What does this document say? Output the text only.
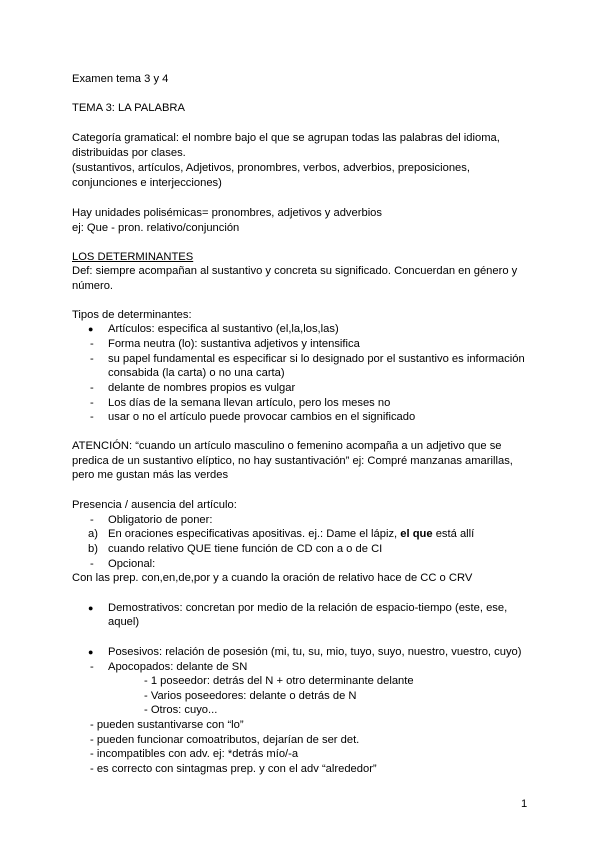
Examen tema 3 y 4
TEMA 3: LA PALABRA
Categoría gramatical: el nombre bajo el que se agrupan todas las palabras del idioma,
distribuidas por clases.
(sustantivos, artículos, Adjetivos, pronombres, verbos, adverbios, preposiciones,
conjunciones e interjecciones)
Hay unidades polisémicas= pronombres, adjetivos y adverbios
ej: Que - pron. relativo/conjunción
LOS DETERMINANTES
Def: siempre acompañan al sustantivo y concreta su significado. Concuerdan en género y
número.
Tipos de determinantes:
● Artículos: especifica al sustantivo (el,la,los,las)
- Forma neutra (lo): sustantiva adjetivos y intensifica
- su papel fundamental es especificar si lo designado por el sustantivo es información
consabida (la carta) o no una carta)
- delante de nombres propios es vulgar
- Los días de la semana llevan artículo, pero los meses no
- usar o no el artículo puede provocar cambios en el significado
ATENCIÓN: “cuando un artículo masculino o femenino acompaña a un adjetivo que se
predica de un sustantivo elíptico, no hay sustantivación” ej: Compré manzanas amarillas,
pero me gustan más las verdes
Presencia / ausencia del artículo:
- Obligatorio de poner:
a) En oraciones especificativas apositivas. ej.: Dame el lápiz, el que está allí
b) cuando relativo QUE tiene función de CD con a o de CI
- Opcional:
Con las prep. con,en,de,por y a cuando la oración de relativo hace de CC o CRV
● Demostrativos: concretan por medio de la relación de espacio-tiempo (este, ese,
aquel)
● Posesivos: relación de posesión (mi, tu, su, mio, tuyo, suyo, nuestro, vuestro, cuyo)
- Apocopados: delante de SN
- 1 poseedor: detrás del N + otro determinante delante
- Varios poseedores: delante o detrás de N
- Otros: cuyo...
- pueden sustantivarse con “lo”
- pueden funcionar comoatributos, dejarían de ser det.
- incompatibles con adv. ej: *detrás mío/-a
- es correcto con sintagmas prep. y con el adv “alrededor”
1
